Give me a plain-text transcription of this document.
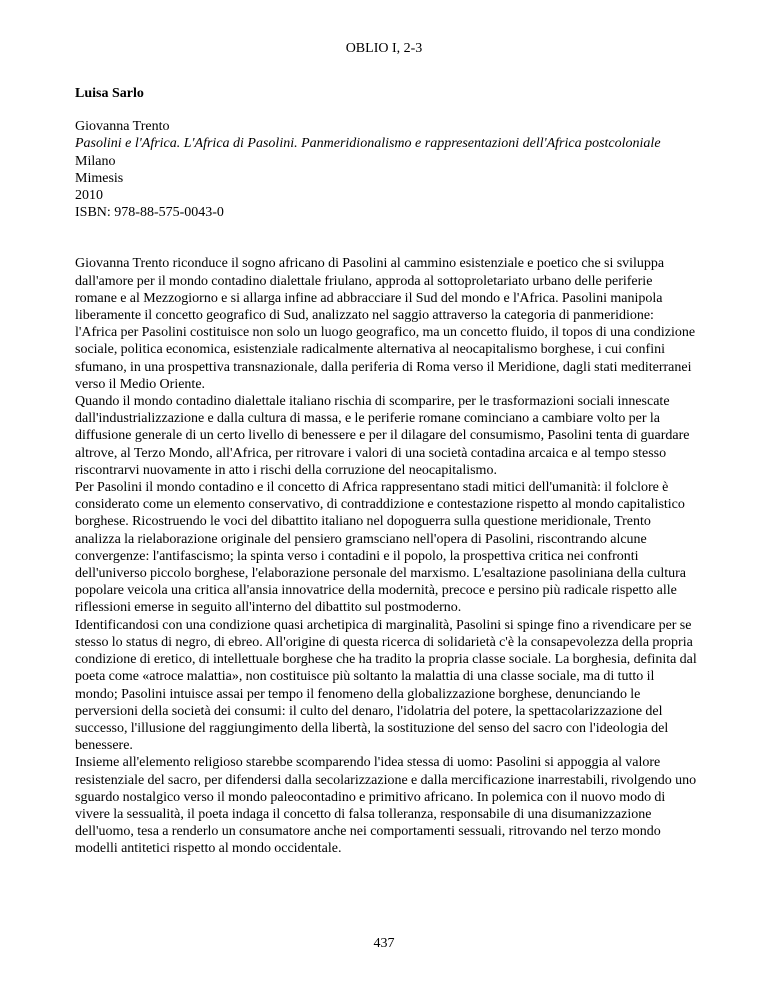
OBLIO I, 2-3
Luisa Sarlo
Giovanna Trento
Pasolini e l'Africa. L'Africa di Pasolini. Panmeridionalismo e rappresentazioni dell'Africa postcoloniale
Milano
Mimesis
2010
ISBN: 978-88-575-0043-0

Giovanna Trento riconduce il sogno africano di Pasolini al cammino esistenziale e poetico che si sviluppa dall'amore per il mondo contadino dialettale friulano, approda al sottoproletariato urbano delle periferie romane e al Mezzogiorno e si allarga infine ad abbracciare il Sud del mondo e l'Africa. Pasolini manipola liberamente il concetto geografico di Sud, analizzato nel saggio attraverso la categoria di panmeridione: l'Africa per Pasolini costituisce non solo un luogo geografico, ma un concetto fluido, il topos di una condizione sociale, politica economica, esistenziale radicalmente alternativa al neocapitalismo borghese, i cui confini sfumano, in una prospettiva transnazionale, dalla periferia di Roma verso il Meridione, dagli stati mediterranei verso il Medio Oriente.

Quando il mondo contadino dialettale italiano rischia di scomparire, per le trasformazioni sociali innescate dall'industrializzazione e dalla cultura di massa, e le periferie romane cominciano a cambiare volto per la diffusione generale di un certo livello di benessere e per il dilagare del consumismo, Pasolini tenta di guardare altrove, al Terzo Mondo, all'Africa, per ritrovare i valori di una società contadina arcaica e al tempo stesso riscontrarvi nuovamente in atto i rischi della corruzione del neocapitalismo.

Per Pasolini il mondo contadino e il concetto di Africa rappresentano stadi mitici dell'umanità: il folclore è considerato come un elemento conservativo, di contraddizione e contestazione rispetto al mondo capitalistico borghese. Ricostruendo le voci del dibattito italiano nel dopoguerra sulla questione meridionale, Trento analizza la rielaborazione originale del pensiero gramsciano nell'opera di Pasolini, riscontrando alcune convergenze: l'antifascismo; la spinta verso i contadini e il popolo, la prospettiva critica nei confronti dell'universo piccolo borghese, l'elaborazione personale del marxismo. L'esaltazione pasoliniana della cultura popolare veicola una critica all'ansia innovatrice della modernità, precoce e persino più radicale rispetto alle riflessioni emerse in seguito all'interno del dibattito sul postmoderno.

Identificandosi con una condizione quasi archetipica di marginalità, Pasolini si spinge fino a rivendicare per se stesso lo status di negro, di ebreo. All'origine di questa ricerca di solidarietà c'è la consapevolezza della propria condizione di eretico, di intellettuale borghese che ha tradito la propria classe sociale. La borghesia, definita dal poeta come «atroce malattia», non costituisce più soltanto la malattia di una classe sociale, ma di tutto il mondo; Pasolini intuisce assai per tempo il fenomeno della globalizzazione borghese, denunciando le perversioni della società dei consumi: il culto del denaro, l'idolatria del potere, la spettacolarizzazione del successo, l'illusione del raggiungimento della libertà, la sostituzione del senso del sacro con l'ideologia del benessere.

Insieme all'elemento religioso starebbe scomparendo l'idea stessa di uomo: Pasolini si appoggia al valore resistenziale del sacro, per difendersi dalla secolarizzazione e dalla mercificazione inarrestabili, rivolgendo uno sguardo nostalgico verso il mondo paleocontadino e primitivo africano. In polemica con il nuovo modo di vivere la sessualità, il poeta indaga il concetto di falsa tolleranza, responsabile di una disumanizzazione dell'uomo, tesa a renderlo un consumatore anche nei comportamenti sessuali, ritrovando nel terzo mondo modelli antitetici rispetto al mondo occidentale.

437
